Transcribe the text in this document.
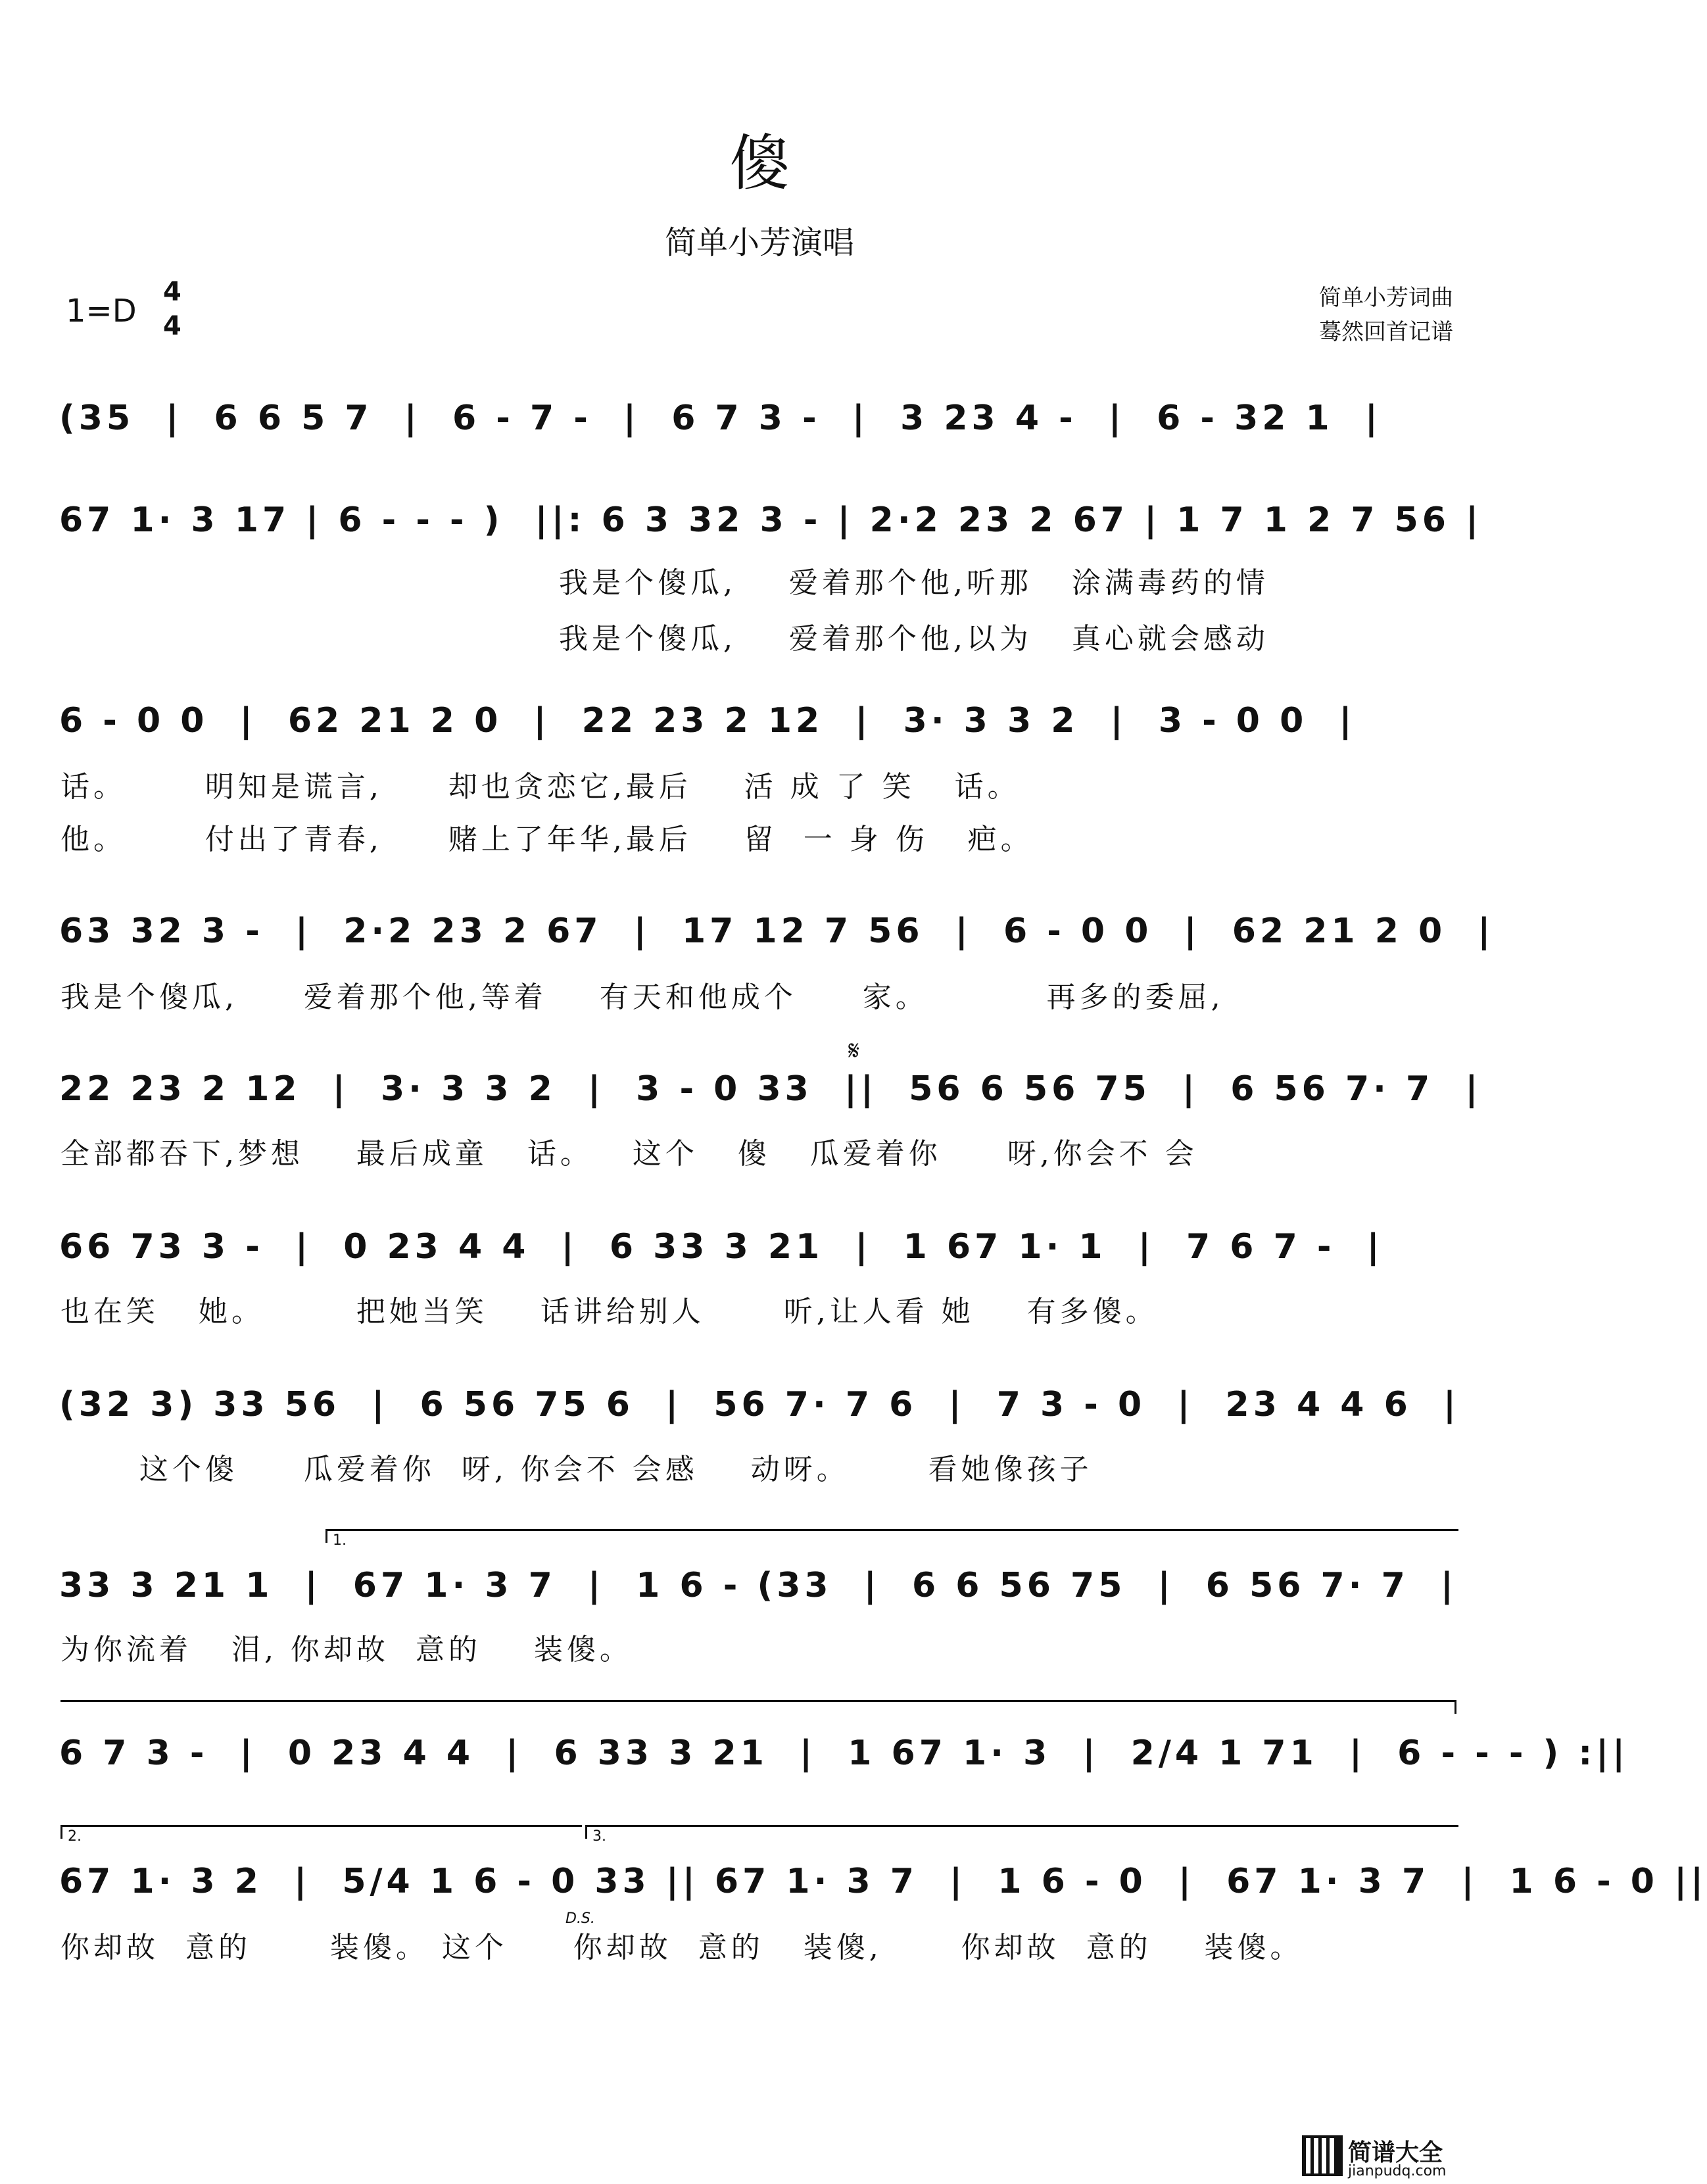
傻
简单小芳演唱
1=D
4
4
简单小芳词曲
蓦然回首记谱
(35  |  6 6 5 7  |  6 - 7 -  |  6 7 3 -  |  3 23 4 -  |  6 - 32 1  |
67 1· 3 17 | 6 - - - )  ||: 6 3 32 3 - | 2·2 23 2 67 | 1 7 1 2 7 56 |
我是个傻瓜,    爱着那个他,听那   涂满毒药的情
我是个傻瓜,    爱着那个他,以为   真心就会感动
6 - 0 0  |  62 21 2 0  |  22 23 2 12  |  3· 3 3 2  |  3 - 0 0  |
话。      明知是谎言,     却也贪恋它,最后    活 成 了 笑   话。
他。      付出了青春,     赌上了年华,最后    留  一 身 伤   疤。
63 32 3 -  |  2·2 23 2 67  |  17 12 7 56  |  6 - 0 0  |  62 21 2 0  |
我是个傻瓜,     爱着那个他,等着    有天和他成个     家。         再多的委屈,
𝄋
22 23 2 12  |  3· 3 3 2  |  3 - 0 33  ||  56 6 56 75  |  6 56 7· 7  |
全部都吞下,梦想    最后成童   话。   这个   傻   瓜爱着你     呀,你会不 会
66 73 3 -  |  0 23 4 4  |  6 33 3 21  |  1 67 1· 1  |  7 6 7 -  |
也在笑   她。       把她当笑    话讲给别人      听,让人看 她    有多傻。
(32 3) 33 56  |  6 56 75 6  |  56 7· 7 6  |  7 3 - 0  |  23 4 4 6  |
这个傻     瓜爱着你  呀, 你会不 会感    动呀。      看她像孩子
1.
33 3 21 1  |  67 1· 3 7  |  1 6 - (33  |  6 6 56 75  |  6 56 7· 7  |
为你流着   泪, 你却故  意的    装傻。
6 7 3 -  |  0 23 4 4  |  6 33 3 21  |  1 67 1· 3  |  2/4 1 71  |  6 - - - ) :||
2.	3.
67 1· 3 2  |  5/4 1 6 - 0 33 || 67 1· 3 7  |  1 6 - 0  |  67 1· 3 7  |  1 6 - 0 ||
D.S.
你却故  意的      装傻。 这个     你却故  意的   装傻,      你却故  意的    装傻。
简谱大全
jianpudq.com
